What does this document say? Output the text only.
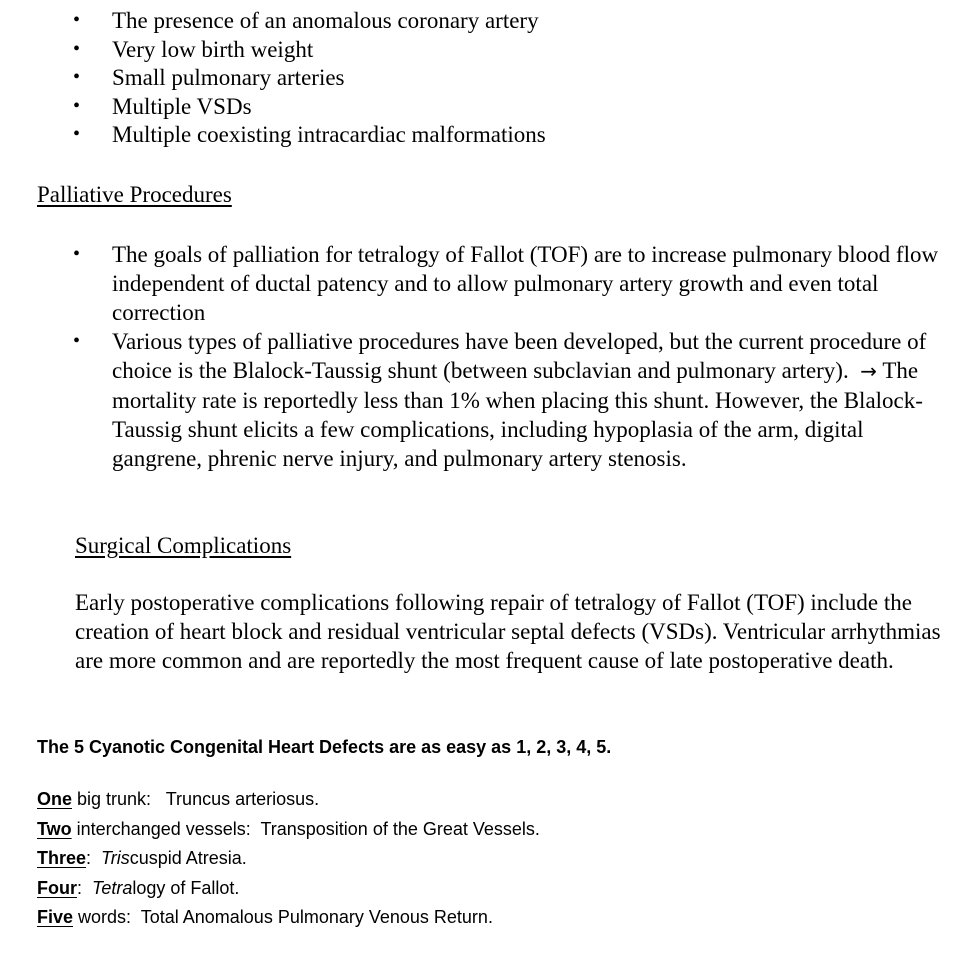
• The presence of an anomalous coronary artery
• Very low birth weight
• Small pulmonary arteries
• Multiple VSDs
• Multiple coexisting intracardiac malformations
Palliative Procedures
• The goals of palliation for tetralogy of Fallot (TOF) are to increase pulmonary blood flow independent of ductal patency and to allow pulmonary artery growth and even total correction
• Various types of palliative procedures have been developed, but the current procedure of choice is the Blalock-Taussig shunt (between subclavian and pulmonary artery). → The mortality rate is reportedly less than 1% when placing this shunt. However, the Blalock-Taussig shunt elicits a few complications, including hypoplasia of the arm, digital gangrene, phrenic nerve injury, and pulmonary artery stenosis.
Surgical Complications

Early postoperative complications following repair of tetralogy of Fallot (TOF) include the creation of heart block and residual ventricular septal defects (VSDs). Ventricular arrhythmias are more common and are reportedly the most frequent cause of late postoperative death.

The 5 Cyanotic Congenital Heart Defects are as easy as 1, 2, 3, 4, 5.
One big trunk:   Truncus arteriosus.
Two interchanged vessels:  Transposition of the Great Vessels.
Three:  Triscuspid Atresia.
Four:  Tetralogy of Fallot.
Five words:  Total Anomalous Pulmonary Venous Return.
